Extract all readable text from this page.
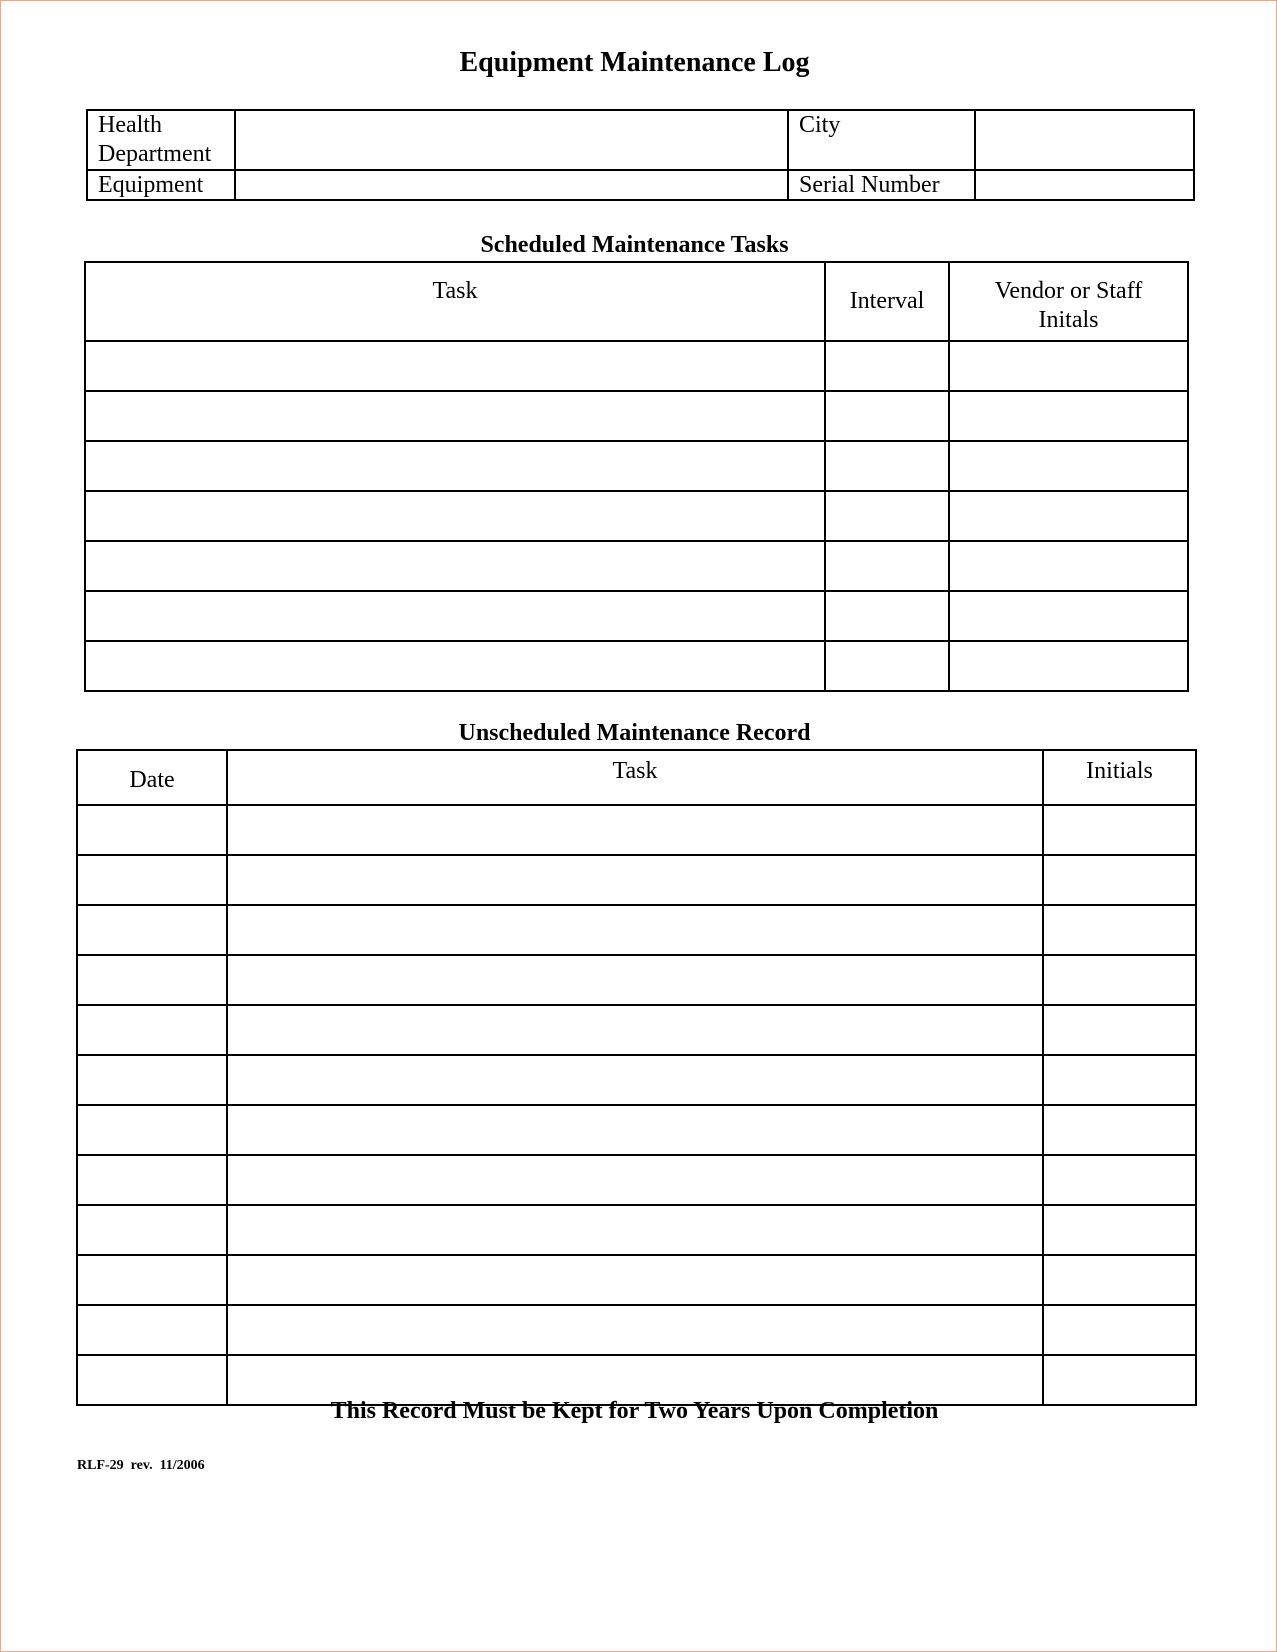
Equipment Maintenance Log
Health Department		City	
Equipment		Serial Number	
Scheduled Maintenance Tasks
Task	Interval	Vendor or Staff Initals

Unscheduled Maintenance Record
Date	Task	Initials

This Record Must be Kept for Two Years Upon Completion
RLF-29  rev.  11/2006
